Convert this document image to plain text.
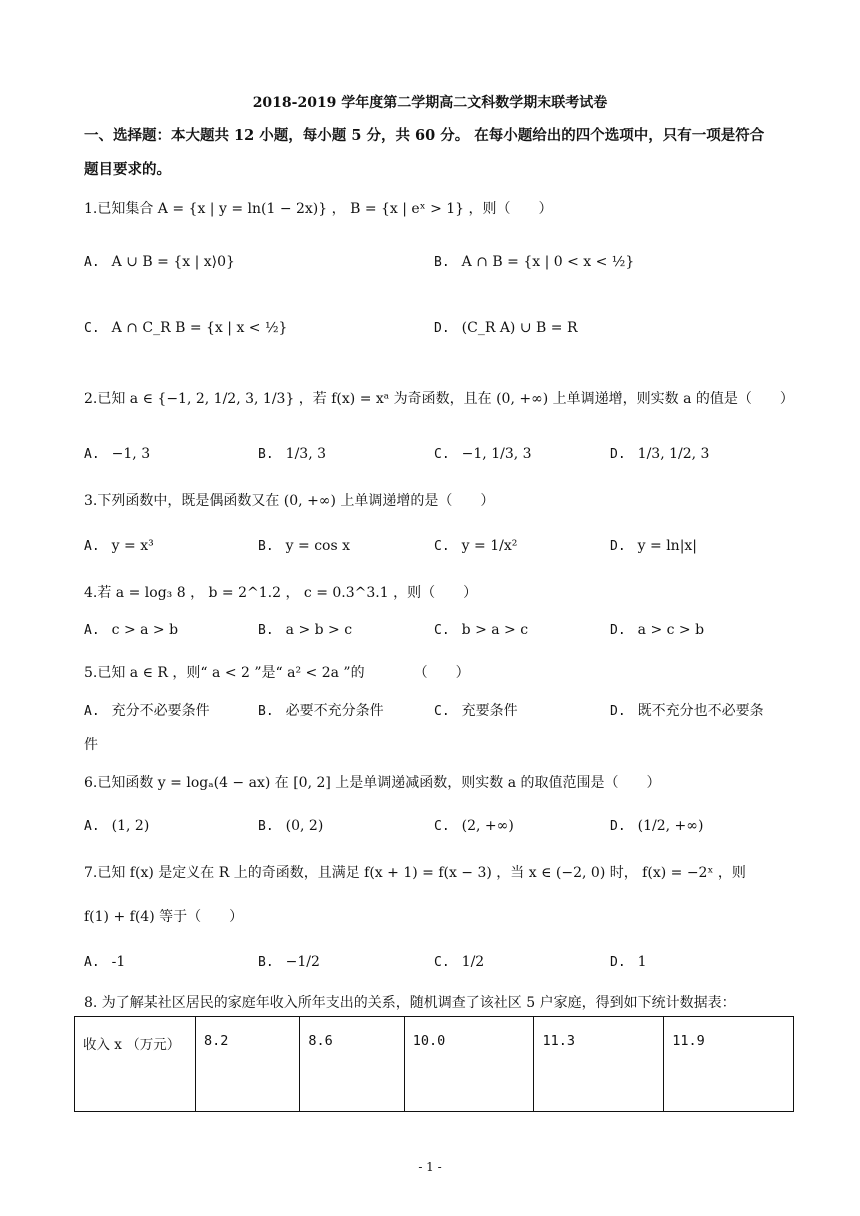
2018-2019 学年度第二学期高二文科数学期末联考试卷
一、选择题：本大题共 12 小题，每小题 5 分，共 60 分。 在每小题给出的四个选项中，只有一项是符合
题目要求的。
1.已知集合 A = {x | y = ln(1 − 2x)} ， B = {x | eˣ > 1} ，则（　　）
A. A ∪ B = {x | x⟩0}	B. A ∩ B = {x | 0 < x < ½}
C. A ∩ C_R B = {x | x < ½}	D. (C_R A) ∪ B = R
2.已知 a ∈ {−1, 2, 1/2, 3, 1/3} ，若 f(x) = xᵃ 为奇函数，且在 (0, +∞) 上单调递增，则实数 a 的值是（　　）
A. −1, 3	B. 1/3, 3	C. −1, 1/3, 3	D. 1/3, 1/2, 3
3.下列函数中，既是偶函数又在 (0, +∞) 上单调递增的是（　　）
A. y = x³	B. y = cos x	C. y = 1/x²	D. y = ln|x|
4.若 a = log₃ 8 ， b = 2^1.2 ， c = 0.3^3.1 ，则（　　）
A. c > a > b	B. a > b > c	C. b > a > c	D. a > c > b
5.已知 a ∈ R ，则“ a < 2 ”是“ a² < 2a ”的　　　　（　　）
A. 充分不必要条件	B. 必要不充分条件	C. 充要条件	D. 既不充分也不必要条
件
6.已知函数 y = logₐ(4 − ax) 在 [0, 2] 上是单调递减函数，则实数 a 的取值范围是（　　）
A. (1, 2)	B. (0, 2)	C. (2, +∞)	D. (1/2, +∞)
7.已知 f(x) 是定义在 R 上的奇函数，且满足 f(x + 1) = f(x − 3) ，当 x ∈ (−2, 0) 时， f(x) = −2ˣ ，则
f(1) + f(4) 等于（　　）
A. -1	B. −1/2	C. 1/2	D. 1
8. 为了解某社区居民的家庭年收入所年支出的关系，随机调查了该社区 5 户家庭，得到如下统计数据表：
收入 x （万元）	8.2	8.6	10.0	11.3	11.9
- 1 -
